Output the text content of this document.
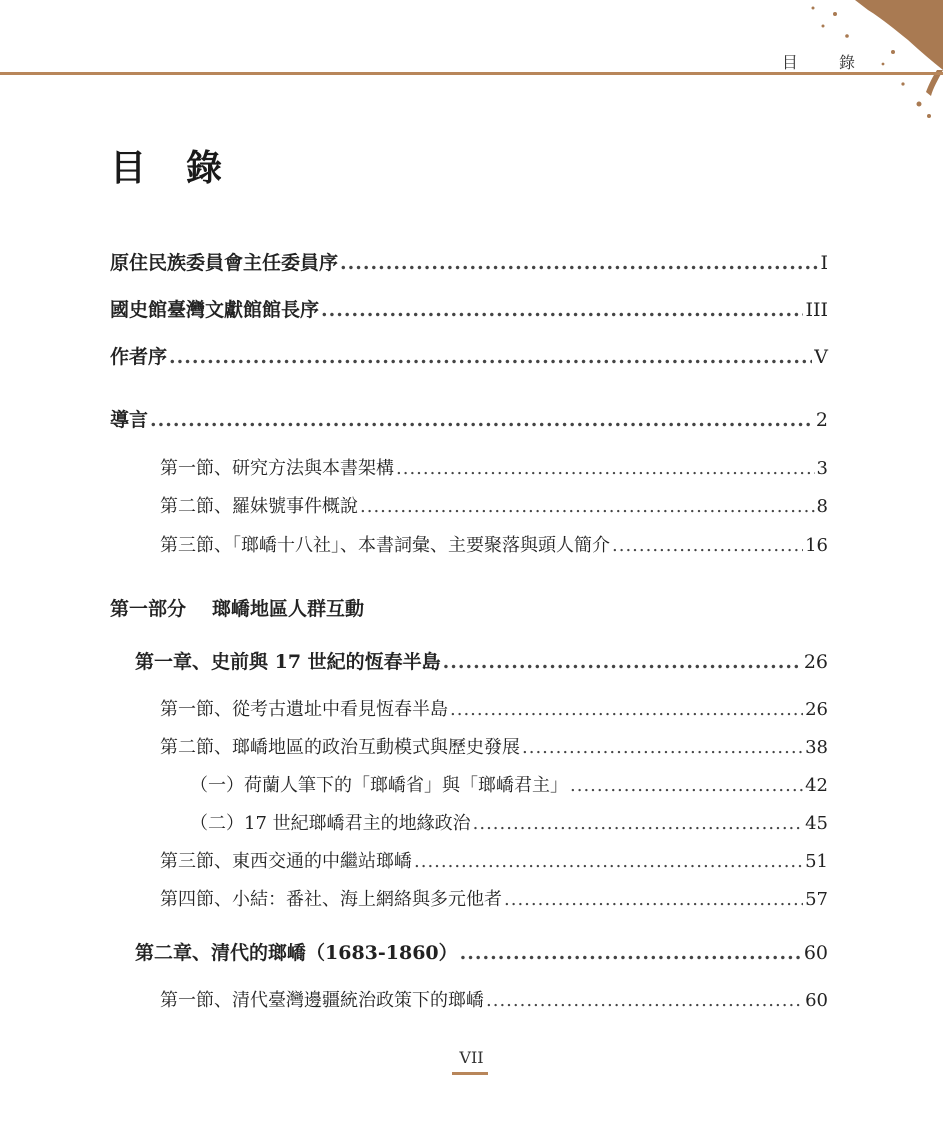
目 錄
目錄
原住民族委員會主任委員序 .....	I
國史館臺灣文獻館館長序 .....	III
作者序 .....	V
導言 .....	2
第一節、研究方法與本書架構 .....	3
第二節、羅妹號事件概說 .....	8
第三節、「瑯嶠十八社」、本書詞彙、主要聚落與頭人簡介 .....	16
第一部分 瑯嶠地區人群互動
第一章、史前與 17 世紀的恆春半島 .....	26
第一節、從考古遺址中看見恆春半島 .....	26
第二節、瑯嶠地區的政治互動模式與歷史發展 .....	38
（一）荷蘭人筆下的「瑯嶠省」與「瑯嶠君主」 .....	42
（二）17 世紀瑯嶠君主的地緣政治 .....	45
第三節、東西交通的中繼站瑯嶠 .....	51
第四節、小結：番社、海上網絡與多元他者 .....	57
第二章、清代的瑯嶠（1683-1860） .....	60
第一節、清代臺灣邊疆統治政策下的瑯嶠 .....	60
VII
